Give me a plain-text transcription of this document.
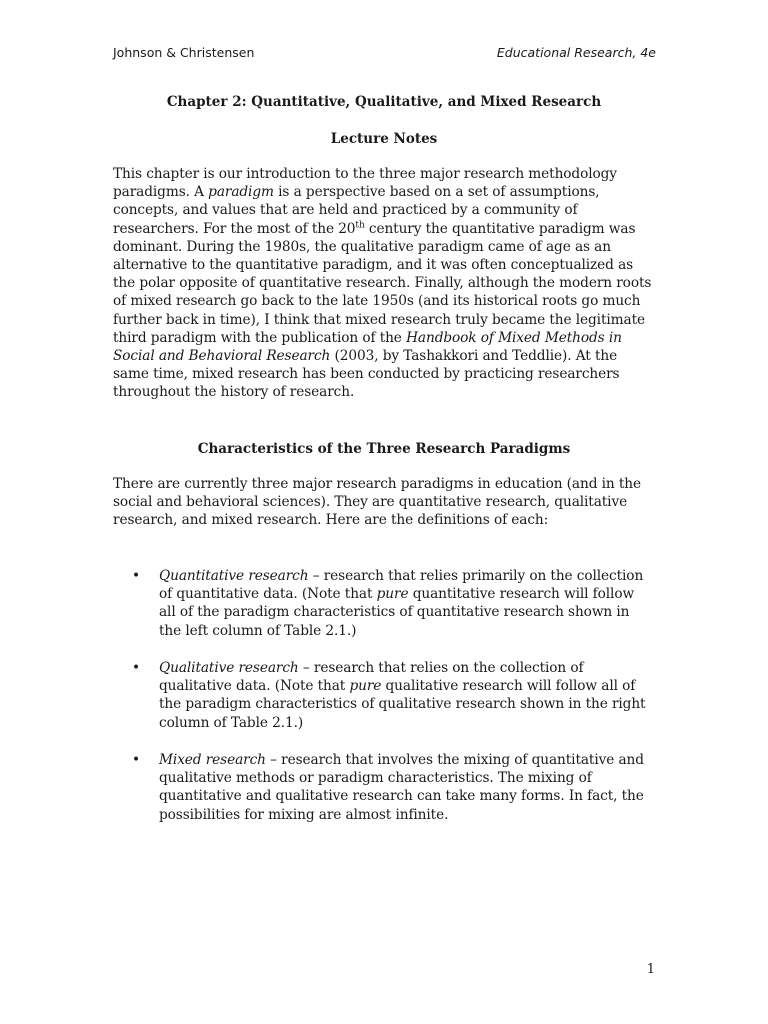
Johnson & Christensen	Educational Research, 4e
Chapter 2: Quantitative, Qualitative, and Mixed Research
Lecture Notes

This chapter is our introduction to the three major research methodology paradigms. A paradigm is a perspective based on a set of assumptions, concepts, and values that are held and practiced by a community of researchers. For the most of the 20th century the quantitative paradigm was dominant. During the 1980s, the qualitative paradigm came of age as an alternative to the quantitative paradigm, and it was often conceptualized as the polar opposite of quantitative research. Finally, although the modern roots of mixed research go back to the late 1950s (and its historical roots go much further back in time), I think that mixed research truly became the legitimate third paradigm with the publication of the Handbook of Mixed Methods in Social and Behavioral Research (2003, by Tashakkori and Teddlie). At the same time, mixed research has been conducted by practicing researchers throughout the history of research.

Characteristics of the Three Research Paradigms

There are currently three major research paradigms in education (and in the social and behavioral sciences). They are quantitative research, qualitative research, and mixed research. Here are the definitions of each:

• Quantitative research – research that relies primarily on the collection of quantitative data. (Note that pure quantitative research will follow all of the paradigm characteristics of quantitative research shown in the left column of Table 2.1.)
• Qualitative research – research that relies on the collection of qualitative data. (Note that pure qualitative research will follow all of the paradigm characteristics of qualitative research shown in the right column of Table 2.1.)
• Mixed research – research that involves the mixing of quantitative and qualitative methods or paradigm characteristics. The mixing of quantitative and qualitative research can take many forms. In fact, the possibilities for mixing are almost infinite.
1
